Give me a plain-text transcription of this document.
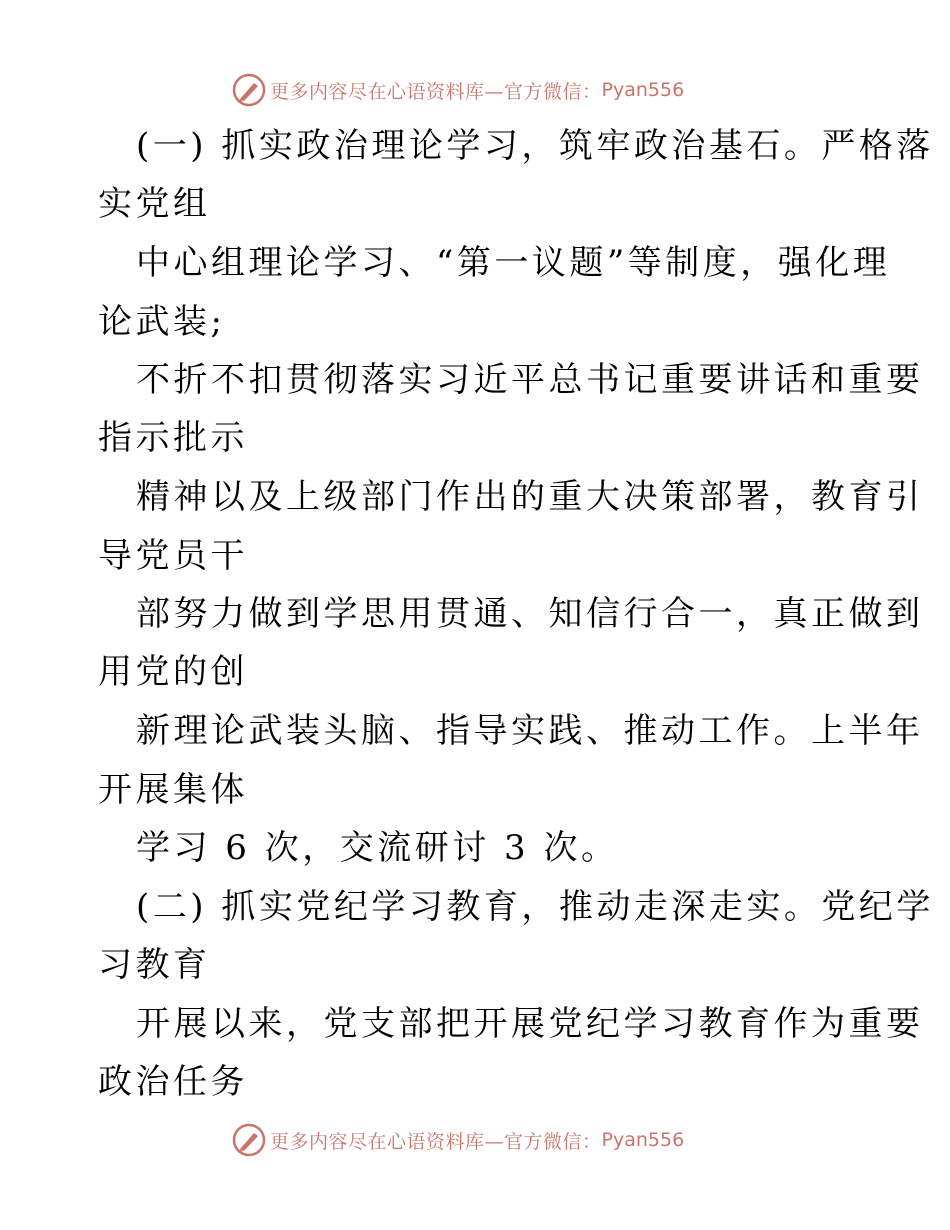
更多内容尽在心语资料库—官方微信： Pyan556
(一) 抓实政治理论学习，筑牢政治基石。严格落
实党组
中心组理论学习、“第一议题”等制度，强化理
论武装;
不折不扣贯彻落实习近平总书记重要讲话和重要
指示批示
精神以及上级部门作出的重大决策部署，教育引
导党员干
部努力做到学思用贯通、知信行合一，真正做到
用党的创
新理论武装头脑、指导实践、推动工作。上半年
开展集体
学习 6 次，交流研讨 3 次。
(二) 抓实党纪学习教育，推动走深走实。党纪学
习教育
开展以来，党支部把开展党纪学习教育作为重要
政治任务
更多内容尽在心语资料库—官方微信： Pyan556
